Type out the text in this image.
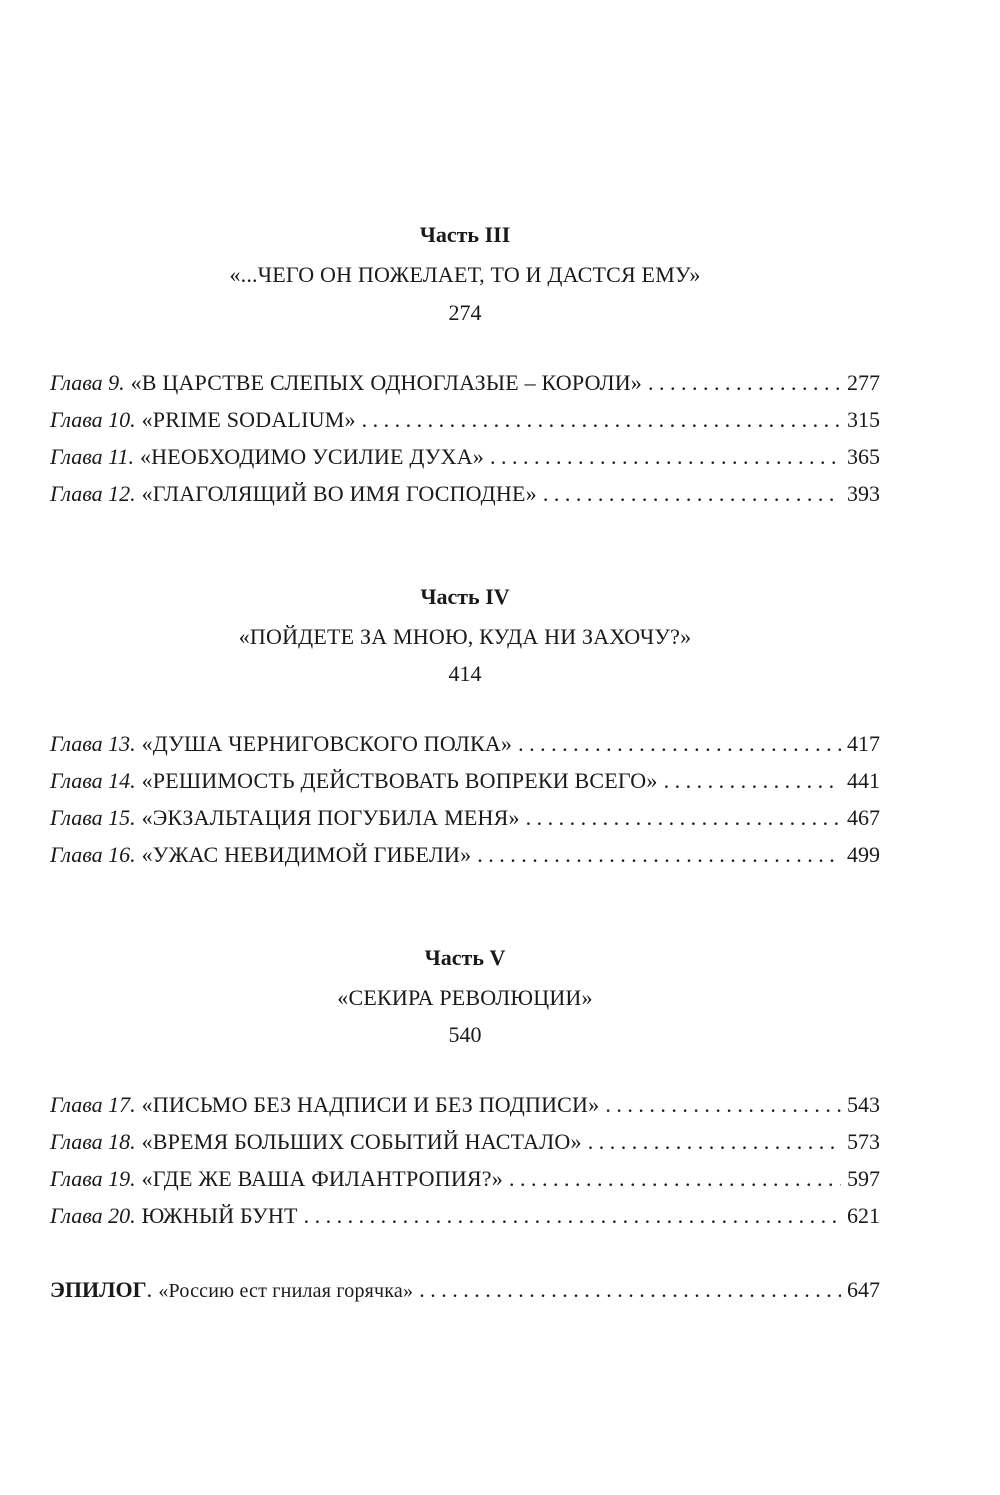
Часть III
«...ЧЕГО ОН ПОЖЕЛАЕТ, ТО И ДАСТСЯ ЕМУ»
274
Глава 9. «В ЦАРСТВЕ СЛЕПЫХ ОДНОГЛАЗЫЕ – КОРОЛИ» . . .	277
Глава 10. «PRIME SODALIUM» . . .	315
Глава 11. «НЕОБХОДИМО УСИЛИЕ ДУХА» . . .	365
Глава 12. «ГЛАГОЛЯЩИЙ ВО ИМЯ ГОСПОДНЕ» . . .	393
Часть IV
«ПОЙДЕТЕ ЗА МНОЮ, КУДА НИ ЗАХОЧУ?»
414
Глава 13. «ДУША ЧЕРНИГОВСКОГО ПОЛКА» . . .	417
Глава 14. «РЕШИМОСТЬ ДЕЙСТВОВАТЬ ВОПРЕКИ ВСЕГО» . . .	441
Глава 15. «ЭКЗАЛЬТАЦИЯ ПОГУБИЛА МЕНЯ» . . .	467
Глава 16. «УЖАС НЕВИДИМОЙ ГИБЕЛИ» . . .	499
Часть V
«СЕКИРА РЕВОЛЮЦИИ»
540
Глава 17. «ПИСЬМО БЕЗ НАДПИСИ И БЕЗ ПОДПИСИ» . . .	543
Глава 18. «ВРЕМЯ БОЛЬШИХ СОБЫТИЙ НАСТАЛО» . . .	573
Глава 19. «ГДЕ ЖЕ ВАША ФИЛАНТРОПИЯ?» . . .	597
Глава 20. ЮЖНЫЙ БУНТ . . .	621
ЭПИЛОГ . «Россию ест гнилая горячка» . . .	647
